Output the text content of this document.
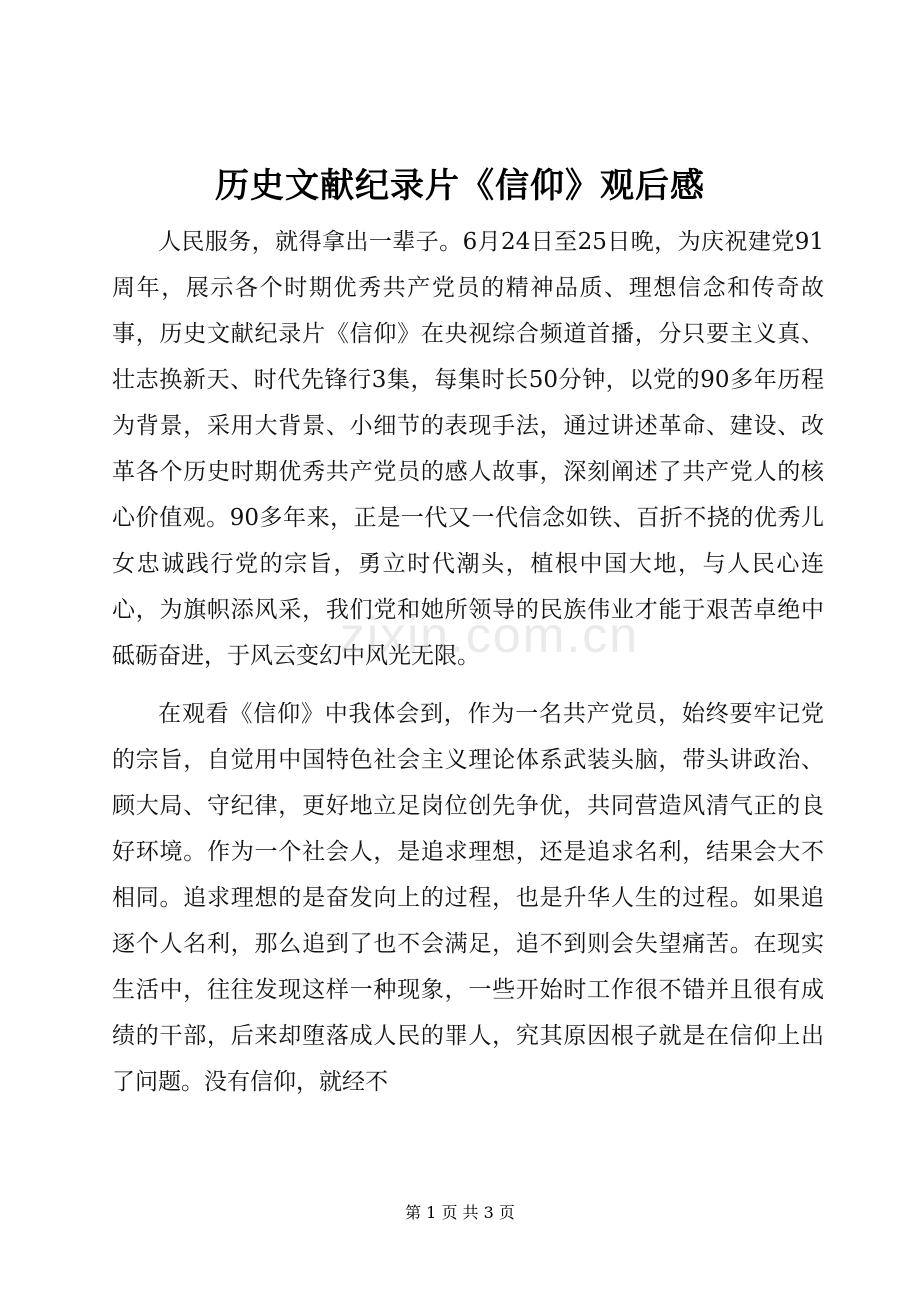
历史文献纪录片《信仰》观后感

人民服务，就得拿出一辈子。6月24日至25日晚，为庆祝建党91周年，展示各个时期优秀共产党员的精神品质、理想信念和传奇故事，历史文献纪录片《信仰》在央视综合频道首播，分只要主义真、壮志换新天、时代先锋行3集，每集时长50分钟，以党的90多年历程为背景，采用大背景、小细节的表现手法，通过讲述革命、建设、改革各个历史时期优秀共产党员的感人故事，深刻阐述了共产党人的核心价值观。90多年来，正是一代又一代信念如铁、百折不挠的优秀儿女忠诚践行党的宗旨，勇立时代潮头，植根中国大地，与人民心连心，为旗帜添风采，我们党和她所领导的民族伟业才能于艰苦卓绝中砥砺奋进，于风云变幻中风光无限。

在观看《信仰》中我体会到，作为一名共产党员，始终要牢记党的宗旨，自觉用中国特色社会主义理论体系武装头脑，带头讲政治、顾大局、守纪律，更好地立足岗位创先争优，共同营造风清气正的良好环境。作为一个社会人，是追求理想，还是追求名利，结果会大不相同。追求理想的是奋发向上的过程，也是升华人生的过程。如果追逐个人名利，那么追到了也不会满足，追不到则会失望痛苦。在现实生活中，往往发现这样一种现象，一些开始时工作很不错并且很有成绩的干部，后来却堕落成人民的罪人，究其原因根子就是在信仰上出了问题。没有信仰，就经不

zixin.com.cn
第 1 页 共 3 页
